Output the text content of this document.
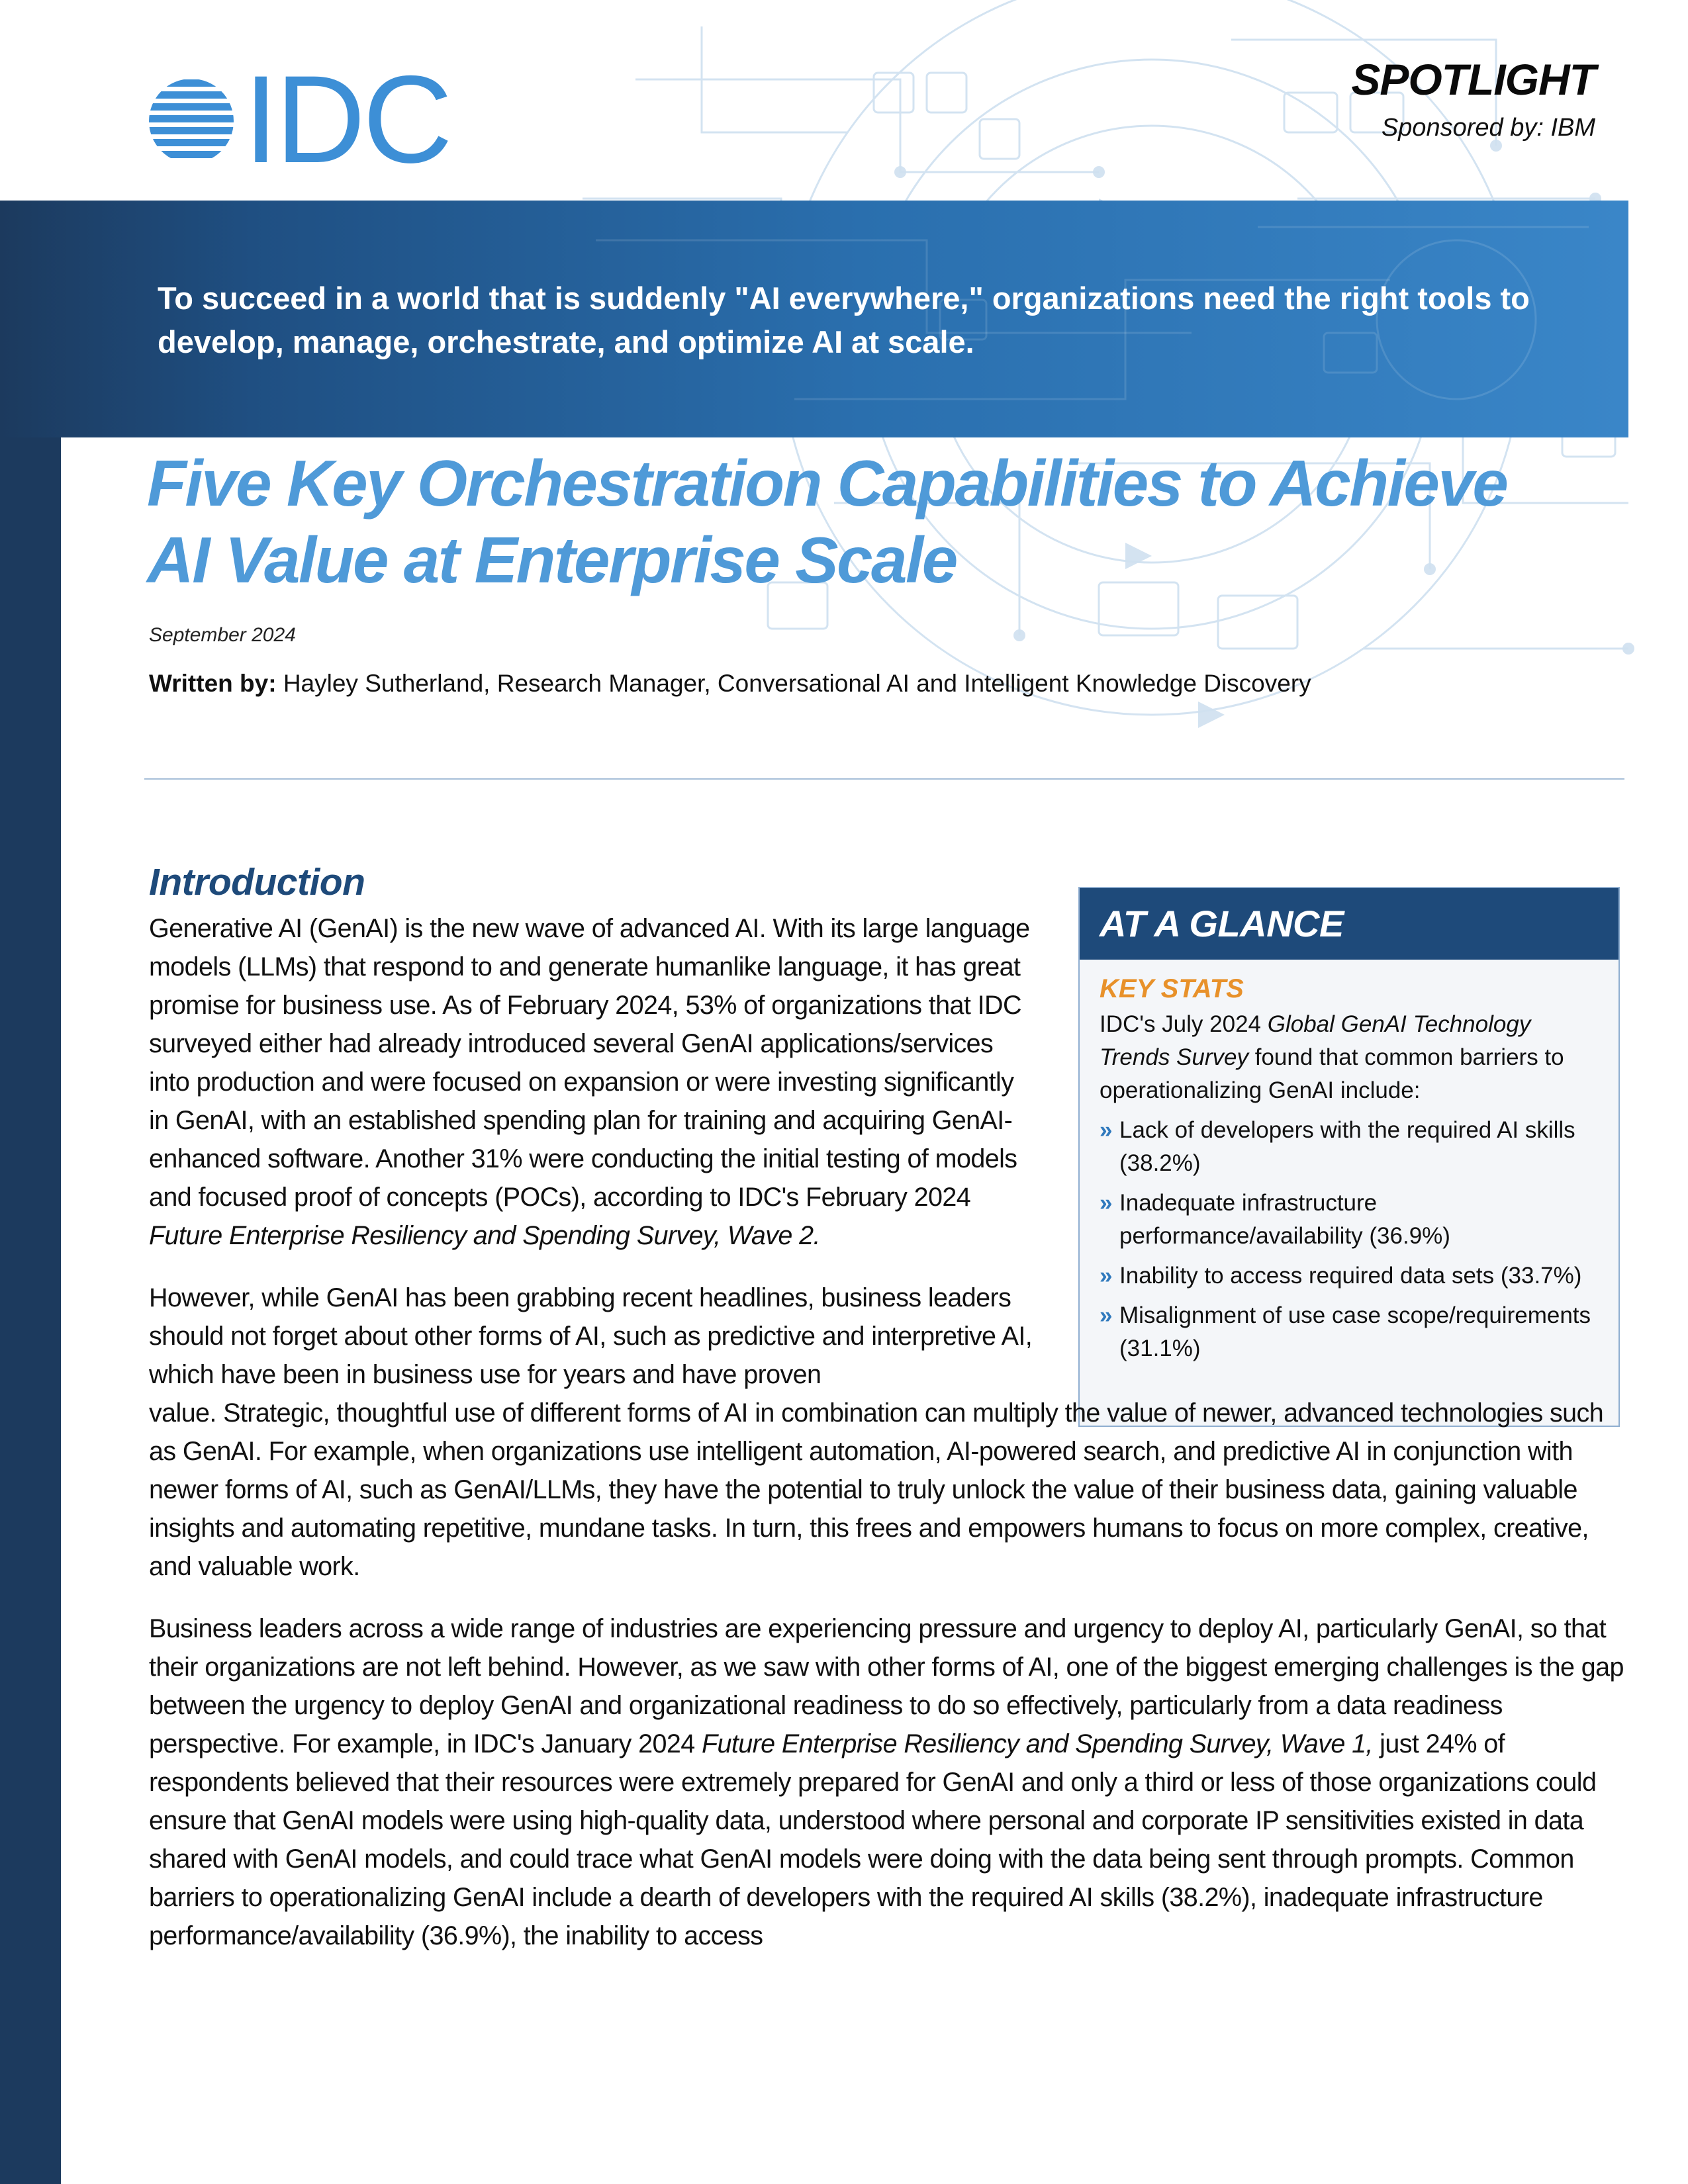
IDC	SPOTLIGHT
Sponsored by: IBM
To succeed in a world that is suddenly "AI everywhere," organizations need the right tools to develop, manage, orchestrate, and optimize AI at scale.
Five Key Orchestration Capabilities to Achieve
AI Value at Enterprise Scale
September 2024
Written by: Hayley Sutherland, Research Manager, Conversational AI and Intelligent Knowledge Discovery
AT A GLANCE
KEY STATS
IDC's July 2024 Global GenAI Technology Trends Survey found that common barriers to operationalizing GenAI include:
» Lack of developers with the required AI skills (38.2%)
» Inadequate infrastructure performance/availability (36.9%)
» Inability to access required data sets (33.7%)
» Misalignment of use case scope/requirements (31.1%)
Introduction
Generative AI (GenAI) is the new wave of advanced AI. With its large language models (LLMs) that respond to and generate humanlike language, it has great promise for business use. As of February 2024, 53% of organizations that IDC surveyed either had already introduced several GenAI applications/services into production and were focused on expansion or were investing significantly in GenAI, with an established spending plan for training and acquiring GenAI-enhanced software. Another 31% were conducting the initial testing of models and focused proof of concepts (POCs), according to IDC's February 2024 Future Enterprise Resiliency and Spending Survey, Wave 2.
However, while GenAI has been grabbing recent headlines, business leaders should not forget about other forms of AI, such as predictive and interpretive AI, which have been in business use for years and have proven
value. Strategic, thoughtful use of different forms of AI in combination can multiply the value of newer, advanced technologies such as GenAI. For example, when organizations use intelligent automation, AI-powered search, and predictive AI in conjunction with newer forms of AI, such as GenAI/LLMs, they have the potential to truly unlock the value of their business data, gaining valuable insights and automating repetitive, mundane tasks. In turn, this frees and empowers humans to focus on more complex, creative, and valuable work.
Business leaders across a wide range of industries are experiencing pressure and urgency to deploy AI, particularly GenAI, so that their organizations are not left behind. However, as we saw with other forms of AI, one of the biggest emerging challenges is the gap between the urgency to deploy GenAI and organizational readiness to do so effectively, particularly from a data readiness perspective. For example, in IDC's January 2024 Future Enterprise Resiliency and Spending Survey, Wave 1, just 24% of respondents believed that their resources were extremely prepared for GenAI and only a third or less of those organizations could ensure that GenAI models were using high-quality data, understood where personal and corporate IP sensitivities existed in data shared with GenAI models, and could trace what GenAI models were doing with the data being sent through prompts. Common barriers to operationalizing GenAI include a dearth of developers with the required AI skills (38.2%), inadequate infrastructure performance/availability (36.9%), the inability to access
